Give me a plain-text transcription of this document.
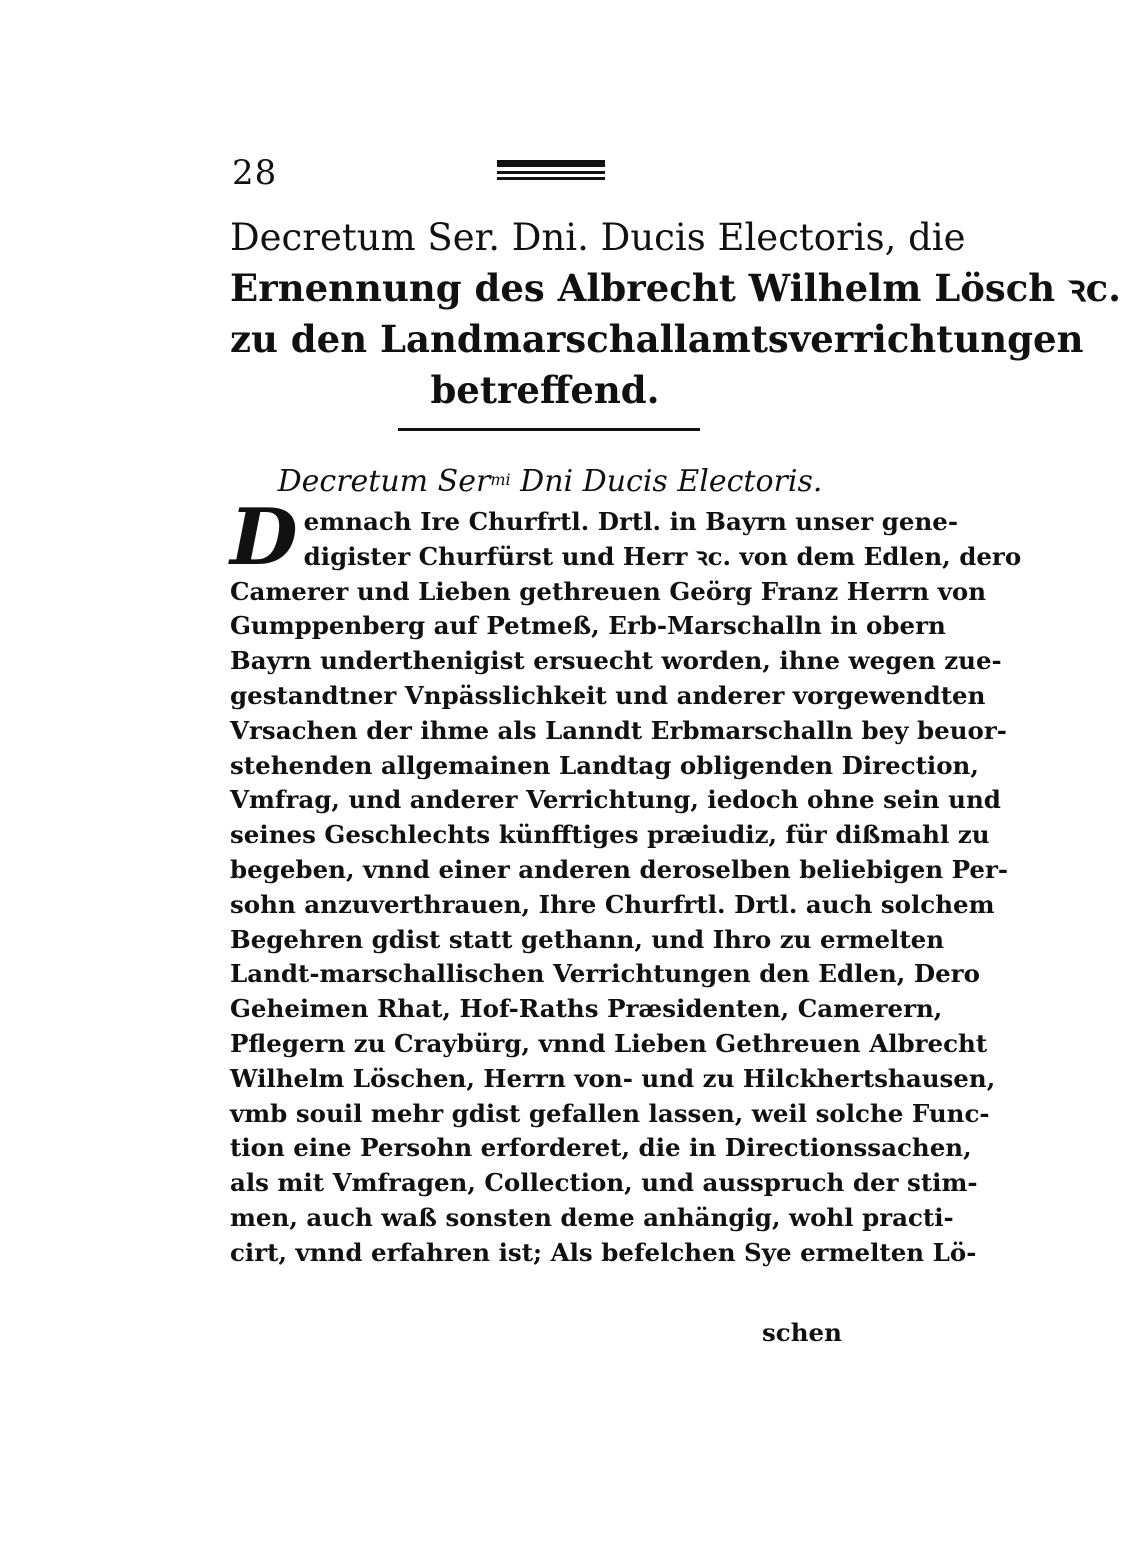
28
Decretum Ser. Dni. Ducis Electoris, die
Ernennung des Albrecht Wilhelm Lösch ꝛc.
zu den Landmarschallamtsverrichtungen
betreffend.
Decretum Ser$^{mi}$ Dni Ducis Electoris.
D emnach Ire Churfrtl. Drtl. in Bayrn unser gene-
digister Churfürst und Herr ꝛc. von dem Edlen, dero
Camerer und Lieben gethreuen Geörg Franz Herrn von
Gumppenberg auf Petmeß, Erb-Marschalln in obern
Bayrn underthenigist ersuecht worden, ihne wegen zue-
gestandtner Vnpässlichkeit und anderer vorgewendten
Vrsachen der ihme als Lanndt Erbmarschalln bey beuor-
stehenden allgemainen Landtag obligenden Direction,
Vmfrag, und anderer Verrichtung, iedoch ohne sein und
seines Geschlechts künfftiges præiudiz, für dißmahl zu
begeben, vnnd einer anderen deroselben beliebigen Per-
sohn anzuverthrauen, Ihre Churfrtl. Drtl. auch solchem
Begehren gdist statt gethann, und Ihro zu ermelten
Landt-marschallischen Verrichtungen den Edlen, Dero
Geheimen Rhat, Hof-Raths Præsidenten, Camerern,
Pflegern zu Craybürg, vnnd Lieben Gethreuen Albrecht
Wilhelm Löschen, Herrn von- und zu Hilckhertshausen,
vmb souil mehr gdist gefallen lassen, weil solche Func-
tion eine Persohn erforderet, die in Directionssachen,
als mit Vmfragen, Collection, und ausspruch der stim-
men, auch waß sonsten deme anhängig, wohl practi-
cirt, vnnd erfahren ist; Als befelchen Sye ermelten Lö-
schen
